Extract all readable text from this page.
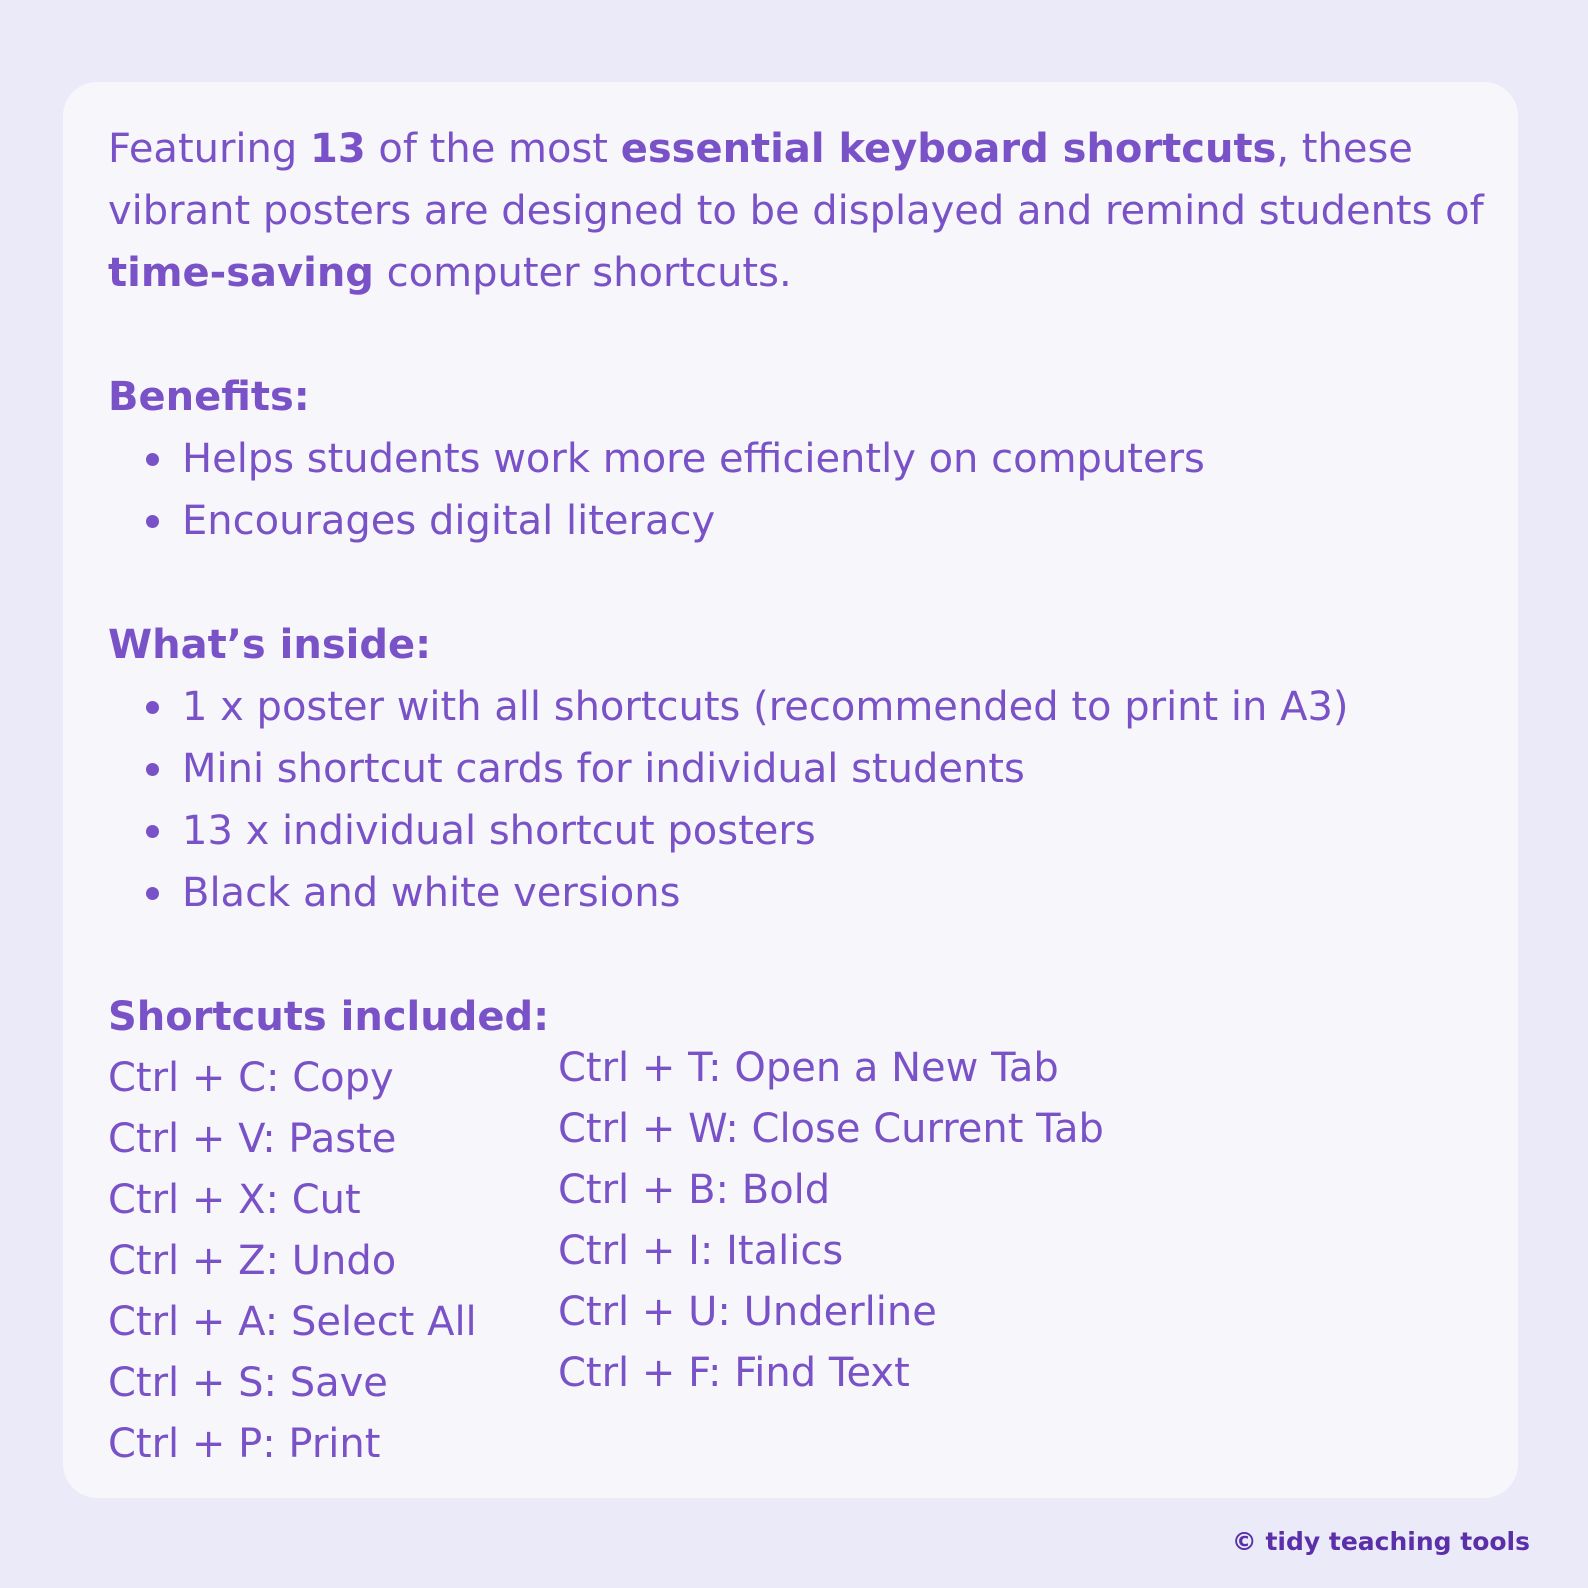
Featuring 13 of the most essential keyboard shortcuts, these vibrant posters are designed to be displayed and remind students of time-saving computer shortcuts.

Benefits:
Helps students work more efficiently on computers
Encourages digital literacy
What’s inside:
1 x poster with all shortcuts (recommended to print in A3)
Mini shortcut cards for individual students
13 x individual shortcut posters
Black and white versions
Shortcuts included:
Ctrl + C: Copy
Ctrl + V: Paste
Ctrl + X: Cut
Ctrl + Z: Undo
Ctrl + A: Select All
Ctrl + S: Save
Ctrl + P: Print
Ctrl + T: Open a New Tab
Ctrl + W: Close Current Tab
Ctrl + B: Bold
Ctrl + I: Italics
Ctrl + U: Underline
Ctrl + F: Find Text
© tidy teaching tools
